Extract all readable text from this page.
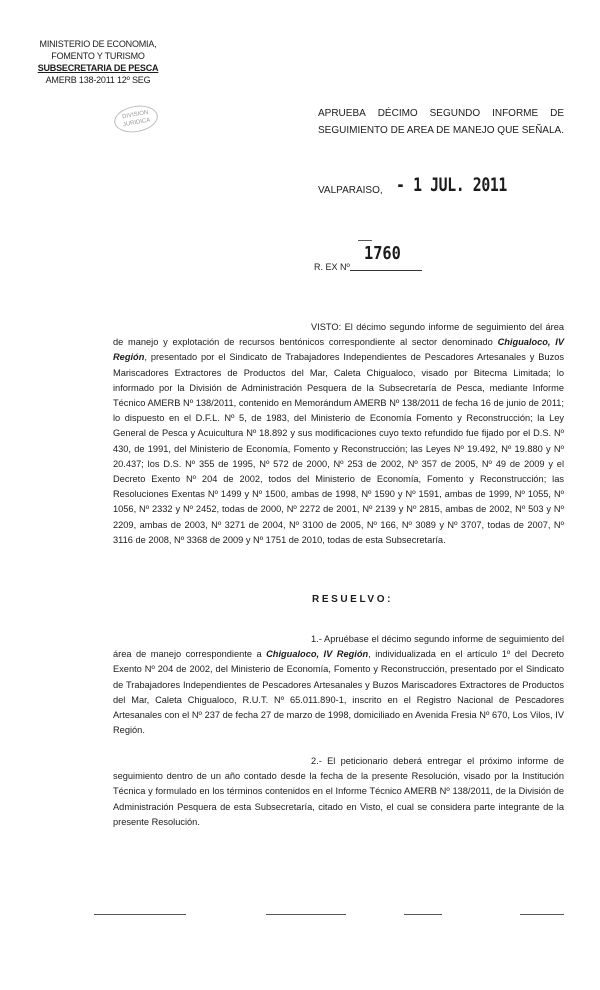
MINISTERIO DE ECONOMIA,
FOMENTO Y TURISMO
SUBSECRETARIA DE PESCA
AMERB 138-2011 12º SEG
DIVISION
JURIDICA
APRUEBA DÉCIMO SEGUNDO INFORME DE
SEGUIMIENTO DE AREA DE MANEJO QUE SEÑALA.
VALPARAISO, - 1 JUL. 2011
1760
R. EX Nº

VISTO: El décimo segundo informe de seguimiento del área de manejo y explotación de recursos bentónicos correspondiente al sector denominado Chigualoco, IV Región, presentado por el Sindicato de Trabajadores Independientes de Pescadores Artesanales y Buzos Mariscadores Extractores de Productos del Mar, Caleta Chigualoco, visado por Bitecma Limitada; lo informado por la División de Administración Pesquera de la Subsecretaría de Pesca, mediante Informe Técnico AMERB Nº 138/2011, contenido en Memorándum AMERB Nº 138/2011 de fecha 16 de junio de 2011; lo dispuesto en el D.F.L. Nº 5, de 1983, del Ministerio de Economía Fomento y Reconstrucción; la Ley General de Pesca y Acuicultura Nº 18.892 y sus modificaciones cuyo texto refundido fue fijado por el D.S. Nº 430, de 1991, del Ministerio de Economía, Fomento y Reconstrucción; las Leyes Nº 19.492, Nº 19.880 y Nº 20.437; los D.S. Nº 355 de 1995, Nº 572 de 2000, Nº 253 de 2002, Nº 357 de 2005, Nº 49 de 2009 y el Decreto Exento Nº 204 de 2002, todos del Ministerio de Economía, Fomento y Reconstrucción; las Resoluciones Exentas Nº 1499 y Nº 1500, ambas de 1998, Nº 1590 y Nº 1591, ambas de 1999, Nº 1055, Nº 1056, Nº 2332 y Nº 2452, todas de 2000, Nº 2272 de 2001, Nº 2139 y Nº 2815, ambas de 2002, Nº 503 y Nº 2209, ambas de 2003, Nº 3271 de 2004, Nº 3100 de 2005, Nº 166, Nº 3089 y Nº 3707, todas de 2007, Nº 3116 de 2008, Nº 3368 de 2009 y Nº 1751 de 2010, todas de esta Subsecretaría.

RESUELVO:

1.- Apruébase el décimo segundo informe de seguimiento del área de manejo correspondiente a Chigualoco, IV Región, individualizada en el artículo 1º del Decreto Exento Nº 204 de 2002, del Ministerio de Economía, Fomento y Reconstrucción, presentado por el Sindicato de Trabajadores Independientes de Pescadores Artesanales y Buzos Mariscadores Extractores de Productos del Mar, Caleta Chigualoco, R.U.T. Nº 65.011.890-1, inscrito en el Registro Nacional de Pescadores Artesanales con el Nº 237 de fecha 27 de marzo de 1998, domiciliado en Avenida Fresia Nº 670, Los Vilos, IV Región.

2.- El peticionario deberá entregar el próximo informe de seguimiento dentro de un año contado desde la fecha de la presente Resolución, visado por la Institución Técnica y formulado en los términos contenidos en el Informe Técnico AMERB Nº 138/2011, de la División de Administración Pesquera de esta Subsecretaría, citado en Visto, el cual se considera parte integrante de la presente Resolución.
